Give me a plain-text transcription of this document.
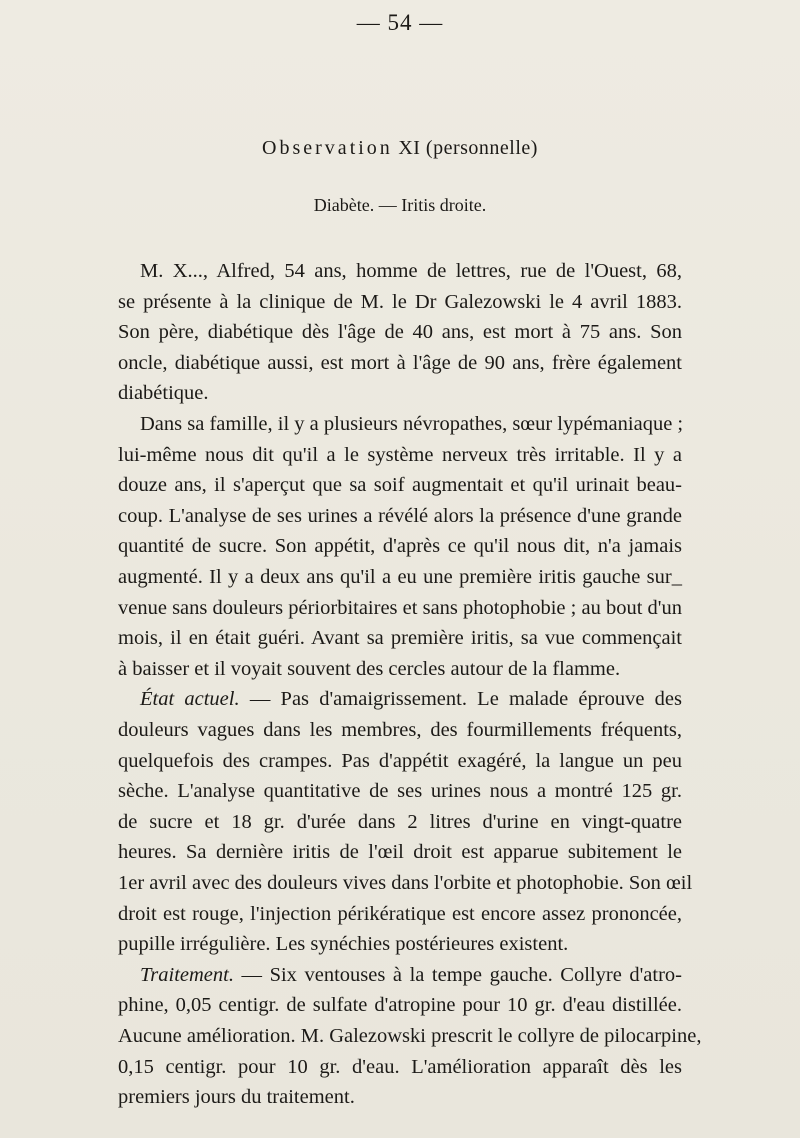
— 54 —
Observation XI (personnelle)
Diabète. — Iritis droite.
M. X..., Alfred, 54 ans, homme de lettres, rue de l'Ouest, 68,
se présente à la clinique de M. le Dr Galezowski le 4 avril 1883.
Son père, diabétique dès l'âge de 40 ans, est mort à 75 ans. Son
oncle, diabétique aussi, est mort à l'âge de 90 ans, frère également
diabétique.
Dans sa famille, il y a plusieurs névropathes, sœur lypémaniaque ;
lui-même nous dit qu'il a le système nerveux très irritable. Il y a
douze ans, il s'aperçut que sa soif augmentait et qu'il urinait beau-
coup. L'analyse de ses urines a révélé alors la présence d'une grande
quantité de sucre. Son appétit, d'après ce qu'il nous dit, n'a jamais
augmenté. Il y a deux ans qu'il a eu une première iritis gauche sur_
venue sans douleurs périorbitaires et sans photophobie ; au bout d'un
mois, il en était guéri. Avant sa première iritis, sa vue commençait
à baisser et il voyait souvent des cercles autour de la flamme.
État actuel. — Pas d'amaigrissement. Le malade éprouve des
douleurs vagues dans les membres, des fourmillements fréquents,
quelquefois des crampes. Pas d'appétit exagéré, la langue un peu
sèche. L'analyse quantitative de ses urines nous a montré 125 gr.
de sucre et 18 gr. d'urée dans 2 litres d'urine en vingt-quatre
heures. Sa dernière iritis de l'œil droit est apparue subitement le
1er avril avec des douleurs vives dans l'orbite et photophobie. Son œil
droit est rouge, l'injection périkératique est encore assez prononcée,
pupille irrégulière. Les synéchies postérieures existent.
Traitement. — Six ventouses à la tempe gauche. Collyre d'atro-
phine, 0,05 centigr. de sulfate d'atropine pour 10 gr. d'eau distillée.
Aucune amélioration. M. Galezowski prescrit le collyre de pilocarpine,
0,15 centigr. pour 10 gr. d'eau. L'amélioration apparaît dès les
premiers jours du traitement.
